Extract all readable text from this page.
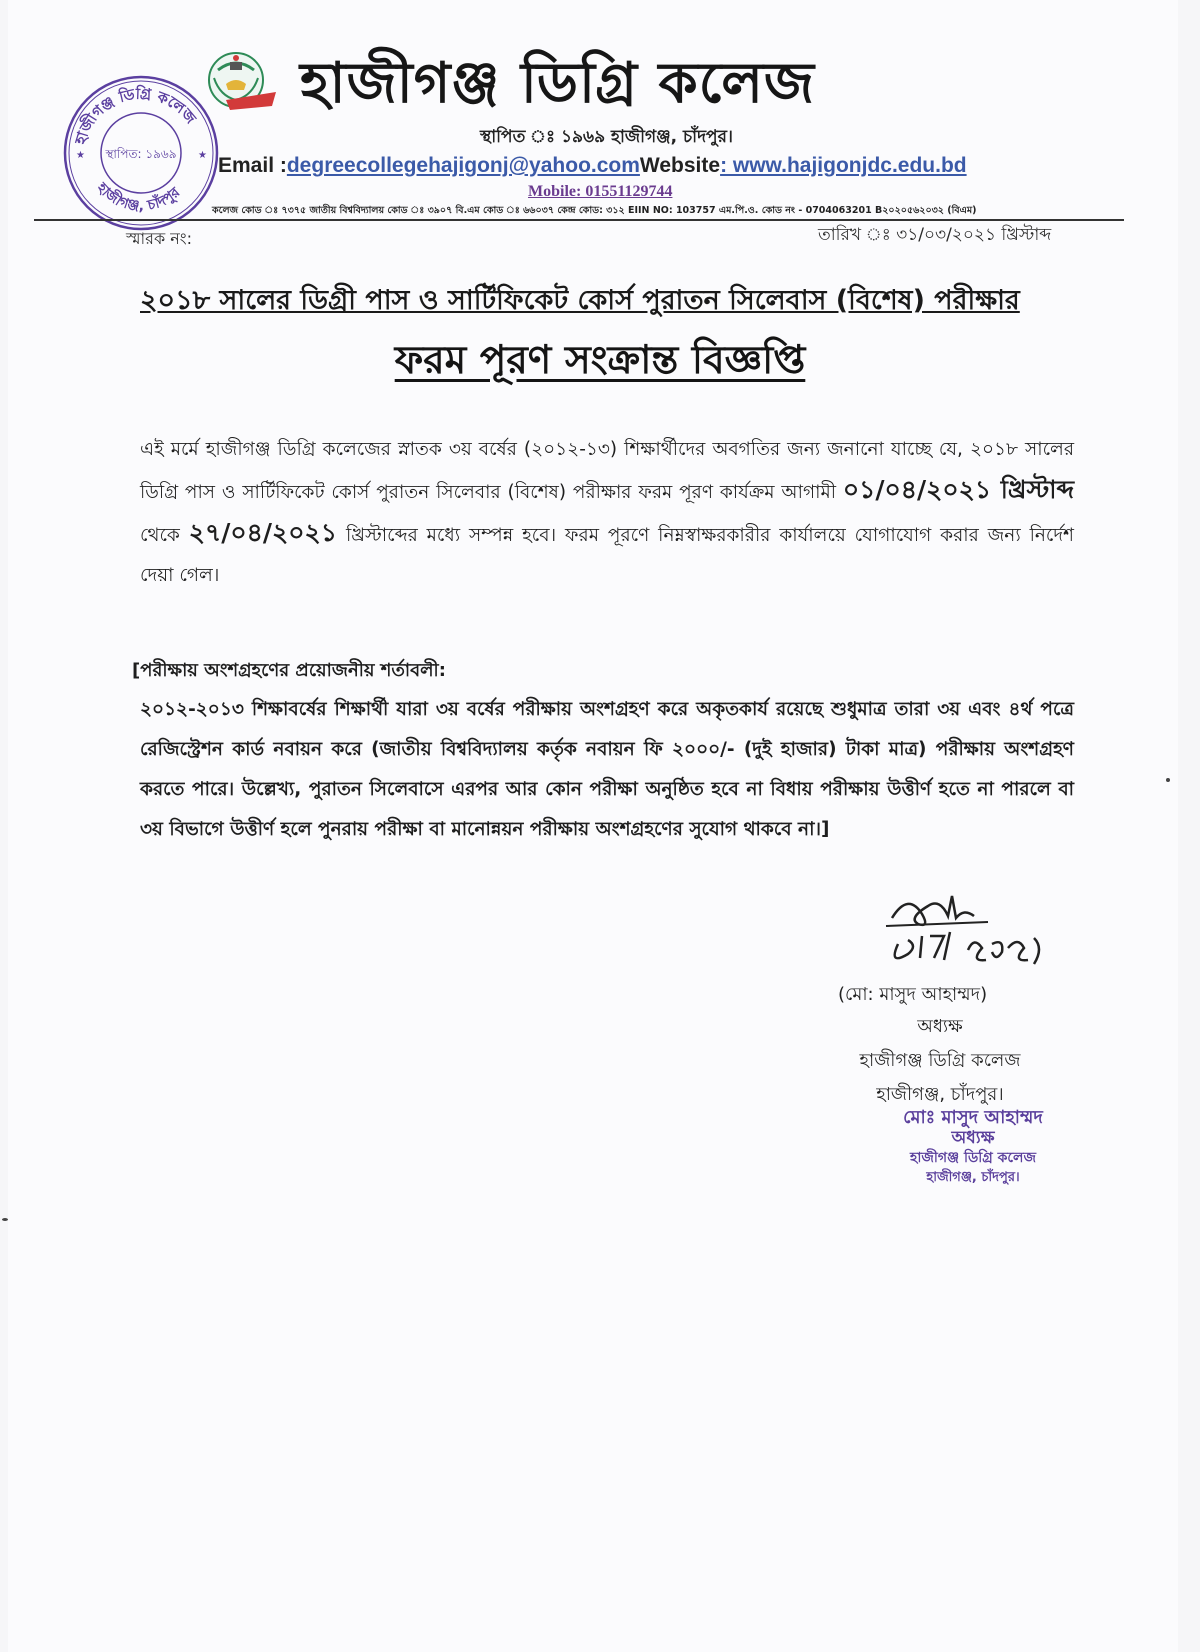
হাজীগঞ্জ ডিগ্রি কলেজ
হাজীগঞ্জ, চাঁদপুর
স্থাপিত: ১৯৬৯
★	★
হাজীগঞ্জ ডিগ্রি কলেজ
স্থাপিত ঃ ১৯৬৯ হাজীগঞ্জ, চাঁদপুর।
Email :degreecollegehajigonj@yahoo.comWebsite: www.hajigonjdc.edu.bd
Mobile: 01551129744
কলেজ কোড ঃ ৭৩৭৫ জাতীয় বিশ্ববিদ্যালয় কোড ঃ ৩৯০৭ বি.এম কোড ঃ ৬৬০৩৭ কেন্দ্র কোড: ৩১২ EIIN NO: 103757 এম.পি.ও. কোড নং - 0704063201 B২০২০৫৬২০৩২ (বিএম)
স্মারক নং:	তারিখ ঃ ৩১/০৩/২০২১ খ্রিস্টাব্দ
২০১৮ সালের ডিগ্রী পাস ও সার্টিফিকেট কোর্স পুরাতন সিলেবাস (বিশেষ) পরীক্ষার
ফরম পূরণ সংক্রান্ত বিজ্ঞপ্তি
এই মর্মে হাজীগঞ্জ ডিগ্রি কলেজের স্নাতক ৩য় বর্ষের (২০১২-১৩) শিক্ষার্থীদের অবগতির জন্য জনানো যাচ্ছে যে, ২০১৮ সালের ডিগ্রি পাস ও সার্টিফিকেট কোর্স পুরাতন সিলেবার (বিশেষ) পরীক্ষার ফরম পূরণ কার্যক্রম আগামী ০১/০৪/২০২১ খ্রিস্টাব্দ থেকে ২৭/০৪/২০২১ খ্রিস্টাব্দের মধ্যে সম্পন্ন হবে। ফরম পূরণে নিম্নস্বাক্ষরকারীর কার্যালয়ে যোগাযোগ করার জন্য নির্দেশ দেয়া গেল।
[পরীক্ষায় অংশগ্রহণের প্রয়োজনীয় শর্তাবলী:
২০১২-২০১৩ শিক্ষাবর্ষের শিক্ষার্থী যারা ৩য় বর্ষের পরীক্ষায় অংশগ্রহণ করে অকৃতকার্য রয়েছে শুধুমাত্র তারা ৩য় এবং ৪র্থ পত্রে রেজিস্ট্রেশন কার্ড নবায়ন করে (জাতীয় বিশ্ববিদ্যালয় কর্তৃক নবায়ন ফি ২০০০/- (দুই হাজার) টাকা মাত্র) পরীক্ষায় অংশগ্রহণ করতে পারে। উল্লেখ্য, পুরাতন সিলেবাসে এরপর আর কোন পরীক্ষা অনুষ্ঠিত হবে না বিধায় পরীক্ষায় উত্তীর্ণ হতে না পারলে বা ৩য় বিভাগে উত্তীর্ণ হলে পুনরায় পরীক্ষা বা মানোন্নয়ন পরীক্ষায় অংশগ্রহণের সুযোগ থাকবে না।]
(মো: মাসুদ আহাম্মদ)
অধ্যক্ষ
হাজীগঞ্জ ডিগ্রি কলেজ
হাজীগঞ্জ, চাঁদপুর।
মোঃ মাসুদ আহাম্মদ
অধ্যক্ষ
হাজীগঞ্জ ডিগ্রি কলেজ
হাজীগঞ্জ, চাঁদপুর।
